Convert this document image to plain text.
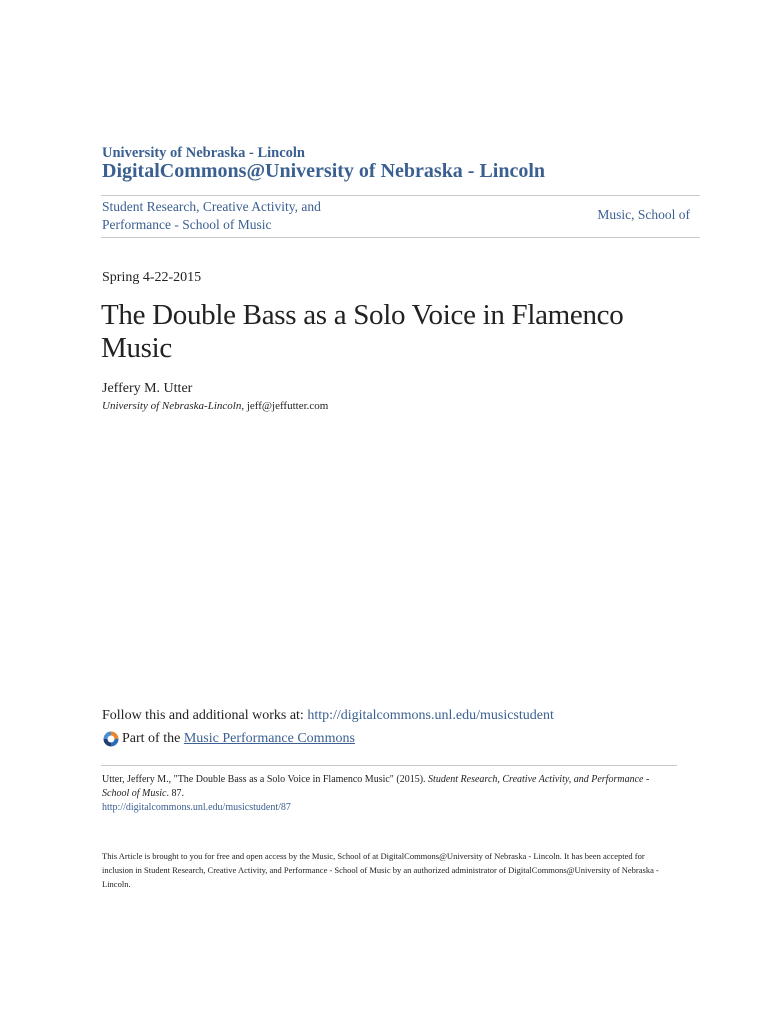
University of Nebraska - Lincoln
DigitalCommons@University of Nebraska - Lincoln
Student Research, Creative Activity, and
Performance - School of Music
Music, School of
Spring 4-22-2015
The Double Bass as a Solo Voice in Flamenco Music
Jeffery M. Utter
University of Nebraska-Lincoln, jeff@jeffutter.com
Follow this and additional works at: http://digitalcommons.unl.edu/musicstudent
Part of the Music Performance Commons
Utter, Jeffery M., "The Double Bass as a Solo Voice in Flamenco Music" (2015). Student Research, Creative Activity, and Performance -
School of Music. 87.
http://digitalcommons.unl.edu/musicstudent/87
This Article is brought to you for free and open access by the Music, School of at DigitalCommons@University of Nebraska - Lincoln. It has been accepted for inclusion in Student Research, Creative Activity, and Performance - School of Music by an authorized administrator of DigitalCommons@University of Nebraska - Lincoln.
